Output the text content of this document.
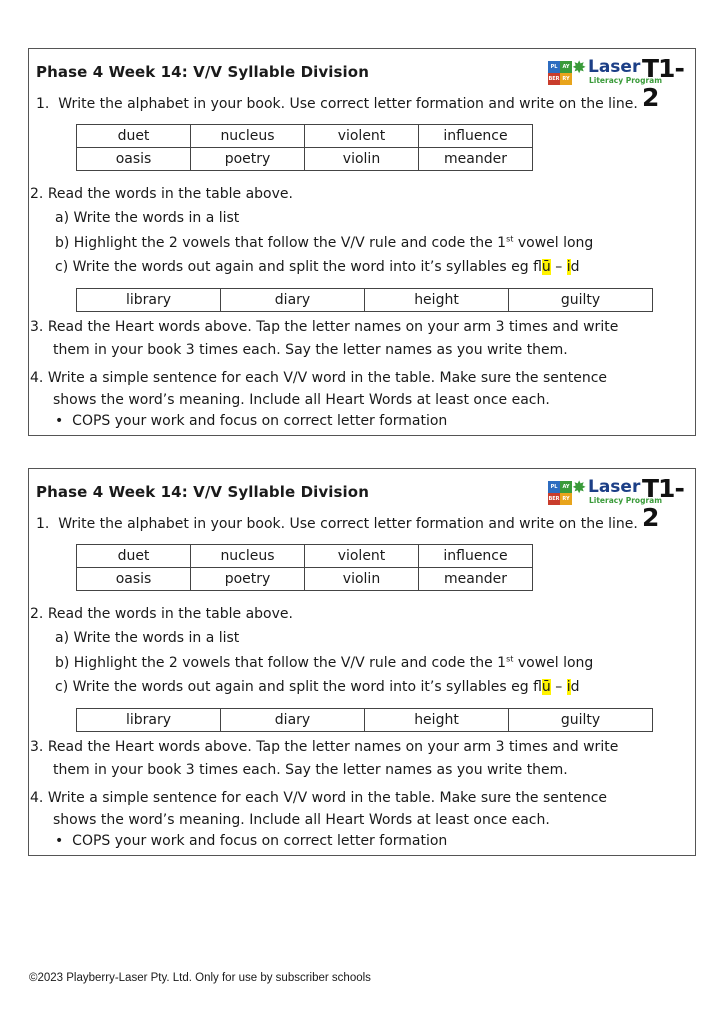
Phase 4 Week 14: V/V Syllable Division	PL	AY
BER RY
✸ Laser
Literacy Program
T1-2
1. Write the alphabet in your book. Use correct letter formation and write on the line.
duet	nucleus	violent	influence
oasis	poetry	violin	meander
2. Read the words in the table above.
a) Write the words in a list
b) Highlight the 2 vowels that follow the V/V rule and code the 1st vowel long
c) Write the words out again and split the word into it’s syllables eg flū – id
library	diary	height	guilty
3. Read the Heart words above. Tap the letter names on your arm 3 times and write
them in your book 3 times each. Say the letter names as you write them.
4. Write a simple sentence for each V/V word in the table. Make sure the sentence
shows the word’s meaning. Include all Heart Words at least once each.
•  COPS your work and focus on correct letter formation
Phase 4 Week 14: V/V Syllable Division	PL	AY
BER RY
✸ Laser
Literacy Program
T1-2
1. Write the alphabet in your book. Use correct letter formation and write on the line.
duet	nucleus	violent	influence
oasis	poetry	violin	meander
2. Read the words in the table above.
a) Write the words in a list
b) Highlight the 2 vowels that follow the V/V rule and code the 1st vowel long
c) Write the words out again and split the word into it’s syllables eg flū – id
library	diary	height	guilty
3. Read the Heart words above. Tap the letter names on your arm 3 times and write
them in your book 3 times each. Say the letter names as you write them.
4. Write a simple sentence for each V/V word in the table. Make sure the sentence
shows the word’s meaning. Include all Heart Words at least once each.
•  COPS your work and focus on correct letter formation
©2023 Playberry-Laser Pty. Ltd. Only for use by subscriber schools
